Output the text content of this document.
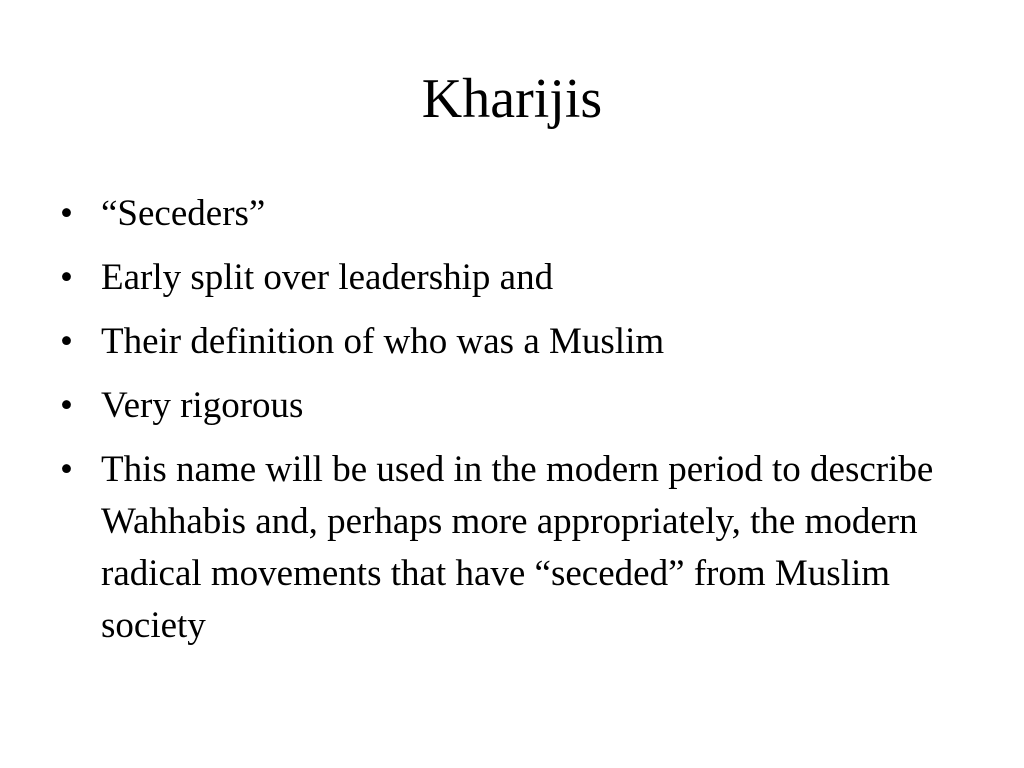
Kharijis
• “Seceders”
• Early split over leadership and
• Their definition of who was a Muslim
• Very rigorous
• This name will be used in the modern period to describe Wahhabis and, perhaps more appropriately, the modern radical movements that have “seceded” from Muslim society
